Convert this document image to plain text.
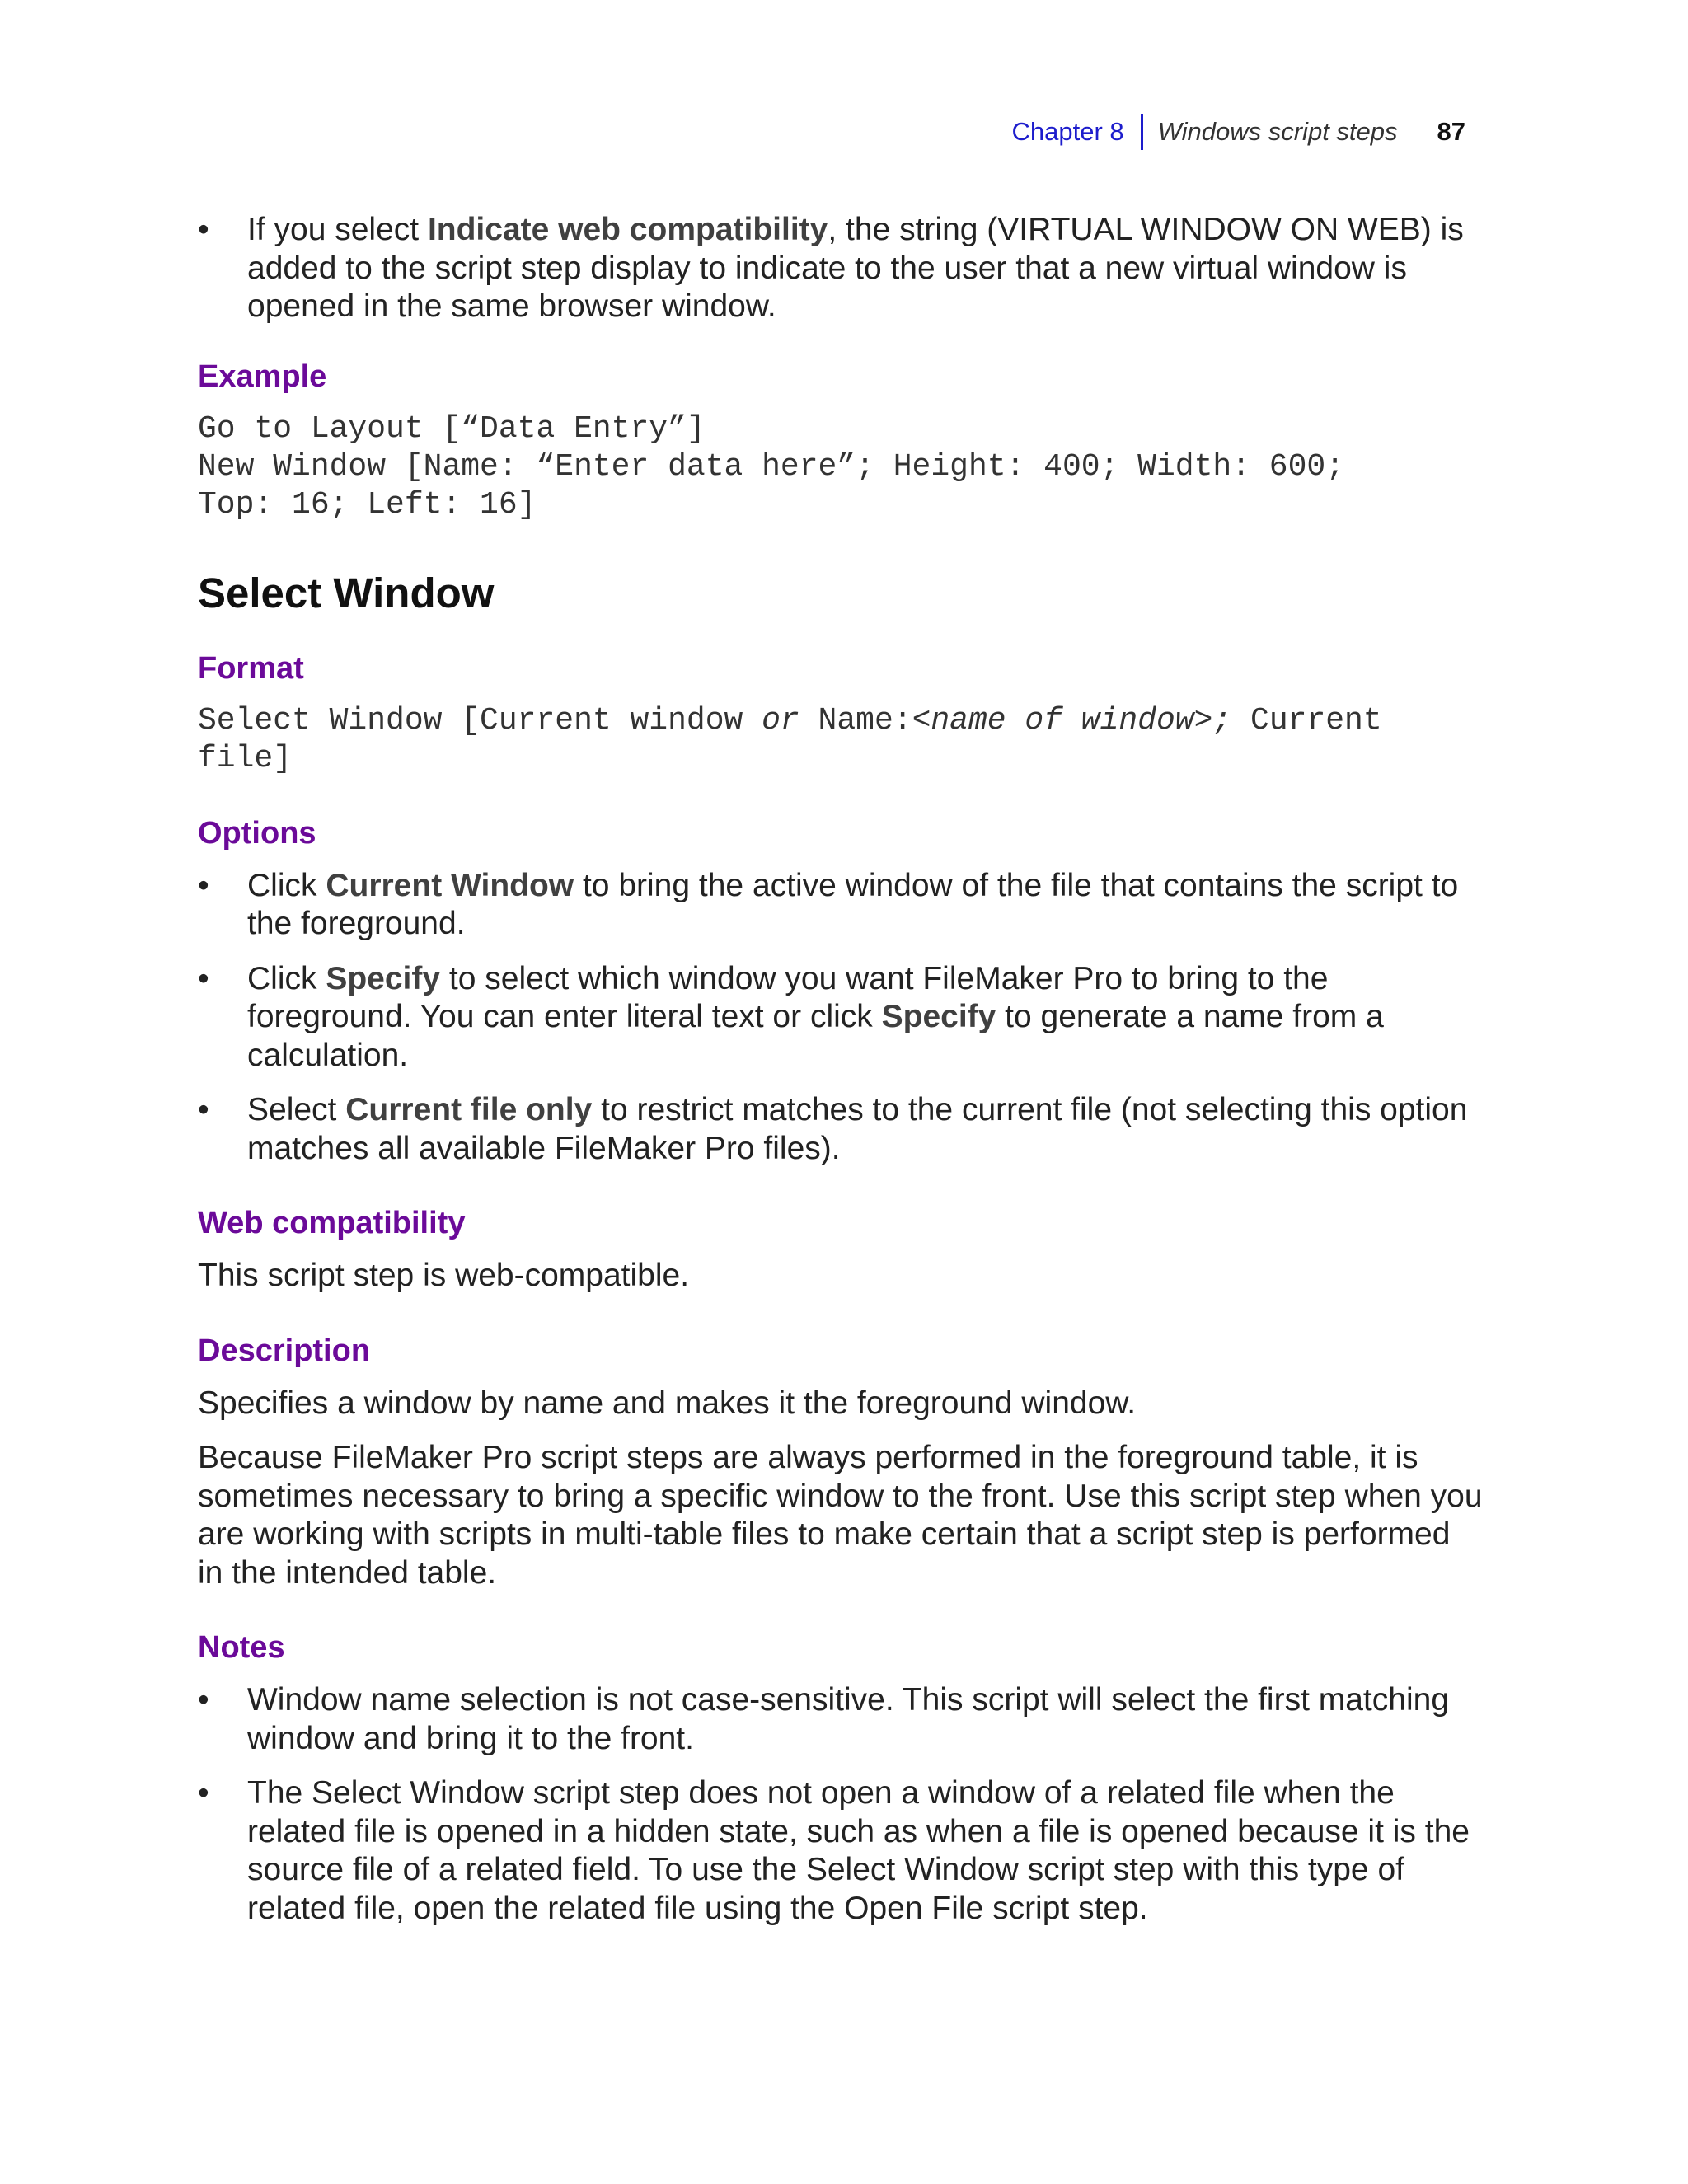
Chapter 8 Windows script steps 87
• If you select Indicate web compatibility, the string (VIRTUAL WINDOW ON WEB) is added to the script step display to indicate to the user that a new virtual window is opened in the same browser window.
Example
Go to Layout [“Data Entry”]
New Window [Name: “Enter data here”; Height: 400; Width: 600;
Top: 16; Left: 16]
Select Window
Format
Select Window [Current window or Name:<name of window>; Current
file]
Options
• Click Current Window to bring the active window of the file that contains the script to the foreground.
• Click Specify to select which window you want FileMaker Pro to bring to the foreground. You can enter literal text or click Specify to generate a name from a calculation.
• Select Current file only to restrict matches to the current file (not selecting this option matches all available FileMaker Pro files).
Web compatibility

This script step is web-compatible.

Description

Specifies a window by name and makes it the foreground window.

Because FileMaker Pro script steps are always performed in the foreground table, it is sometimes necessary to bring a specific window to the front. Use this script step when you are working with scripts in multi-table files to make certain that a script step is performed in the intended table.

Notes
• Window name selection is not case-sensitive. This script will select the first matching window and bring it to the front.
• The Select Window script step does not open a window of a related file when the related file is opened in a hidden state, such as when a file is opened because it is the source file of a related field. To use the Select Window script step with this type of related file, open the related file using the Open File script step.
